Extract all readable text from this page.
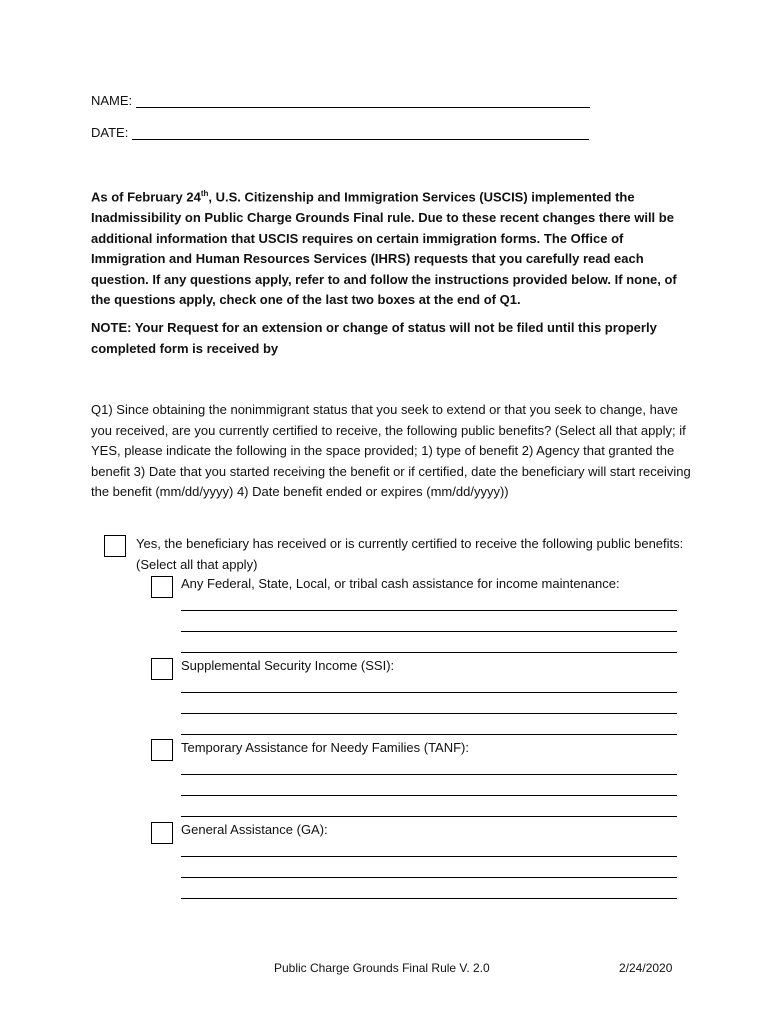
NAME:
DATE:
As of February 24th, U.S. Citizenship and Immigration Services (USCIS) implemented the Inadmissibility on Public Charge Grounds Final rule. Due to these recent changes there will be additional information that USCIS requires on certain immigration forms. The Office of Immigration and Human Resources Services (IHRS) requests that you carefully read each question. If any questions apply, refer to and follow the instructions provided below. If none, of the questions apply, check one of the last two boxes at the end of Q1.
NOTE: Your Request for an extension or change of status will not be filed until this properly completed form is received by
Q1) Since obtaining the nonimmigrant status that you seek to extend or that you seek to change, have you received, are you currently certified to receive, the following public benefits? (Select all that apply; if YES, please indicate the following in the space provided; 1) type of benefit 2) Agency that granted the benefit 3) Date that you started receiving the benefit or if certified, date the beneficiary will start receiving the benefit (mm/dd/yyyy) 4) Date benefit ended or expires (mm/dd/yyyy))
Yes, the beneficiary has received or is currently certified to receive the following public benefits: (Select all that apply)
Any Federal, State, Local, or tribal cash assistance for income maintenance:
Supplemental Security Income (SSI):
Temporary Assistance for Needy Families (TANF):
General Assistance (GA):
Public Charge Grounds Final Rule V. 2.0	2/24/2020
